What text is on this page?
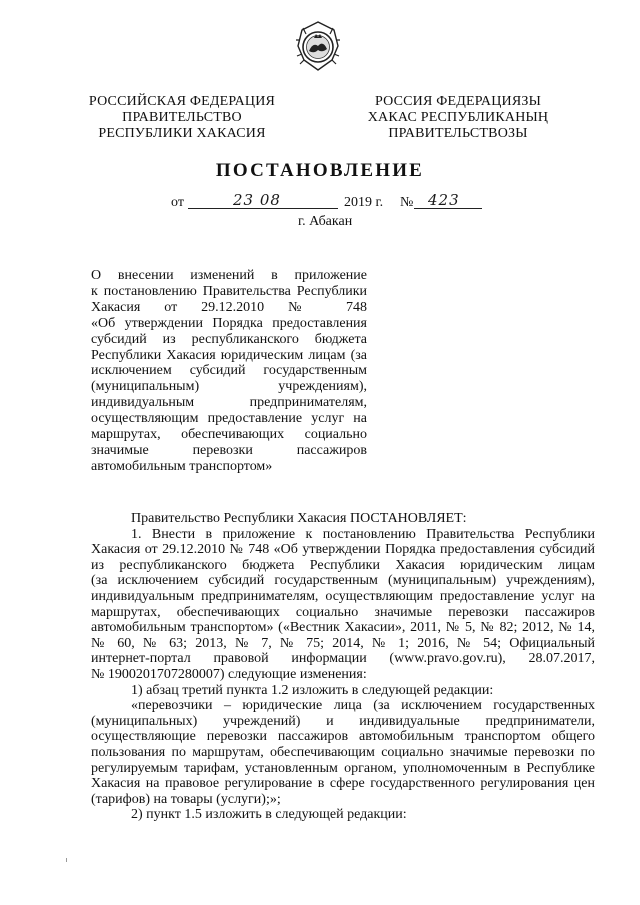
РОССИЙСКАЯ ФЕДЕРАЦИЯ
ПРАВИТЕЛЬСТВО
РЕСПУБЛИКИ ХАКАСИЯ
РОССИЯ ФЕДЕРАЦИЯЗЫ
ХАКАС РЕСПУБЛИКАНЫҢ
ПРАВИТЕЛЬСТВОЗЫ
ПОСТАНОВЛЕНИЕ
от	23 08	2019 г. № 423
г. Абакан
О внесении изменений в приложение
к постановлению Правительства Республики
Хакасия от 29.12.2010 № 748
«Об утверждении Порядка предоставления
субсидий из республиканского бюджета
Республики Хакасия юридическим лицам (за
исключением субсидий государственным
(муниципальным) учреждениям),
индивидуальным предпринимателям,
осуществляющим предоставление услуг на
маршрутах, обеспечивающих социально
значимые перевозки пассажиров
автомобильным транспортом»
Правительство Республики Хакасия ПОСТАНОВЛЯЕТ:
1. Внести в приложение к постановлению Правительства Республики
Хакасия от 29.12.2010 № 748 «Об утверждении Порядка предоставления субсидий
из республиканского бюджета Республики Хакасия юридическим лицам
(за исключением субсидий государственным (муниципальным) учреждениям),
индивидуальным предпринимателям, осуществляющим предоставление услуг на
маршрутах, обеспечивающих социально значимые перевозки пассажиров
автомобильным транспортом» («Вестник Хакасии», 2011, № 5, № 82; 2012, № 14,
№ 60, № 63; 2013, № 7, № 75; 2014, № 1; 2016, № 54; Официальный
интернет-портал правовой информации (www.pravo.gov.ru), 28.07.2017,
№ 1900201707280007) следующие изменения:
1) абзац третий пункта 1.2 изложить в следующей редакции:
«перевозчики – юридические лица (за исключением государственных
(муниципальных) учреждений) и индивидуальные предприниматели,
осуществляющие перевозки пассажиров автомобильным транспортом общего
пользования по маршрутам, обеспечивающим социально значимые перевозки по
регулируемым тарифам, установленным органом, уполномоченным в Республике
Хакасия на правовое регулирование в сфере государственного регулирования цен
(тарифов) на товары (услуги);»;
2) пункт 1.5 изложить в следующей редакции:
